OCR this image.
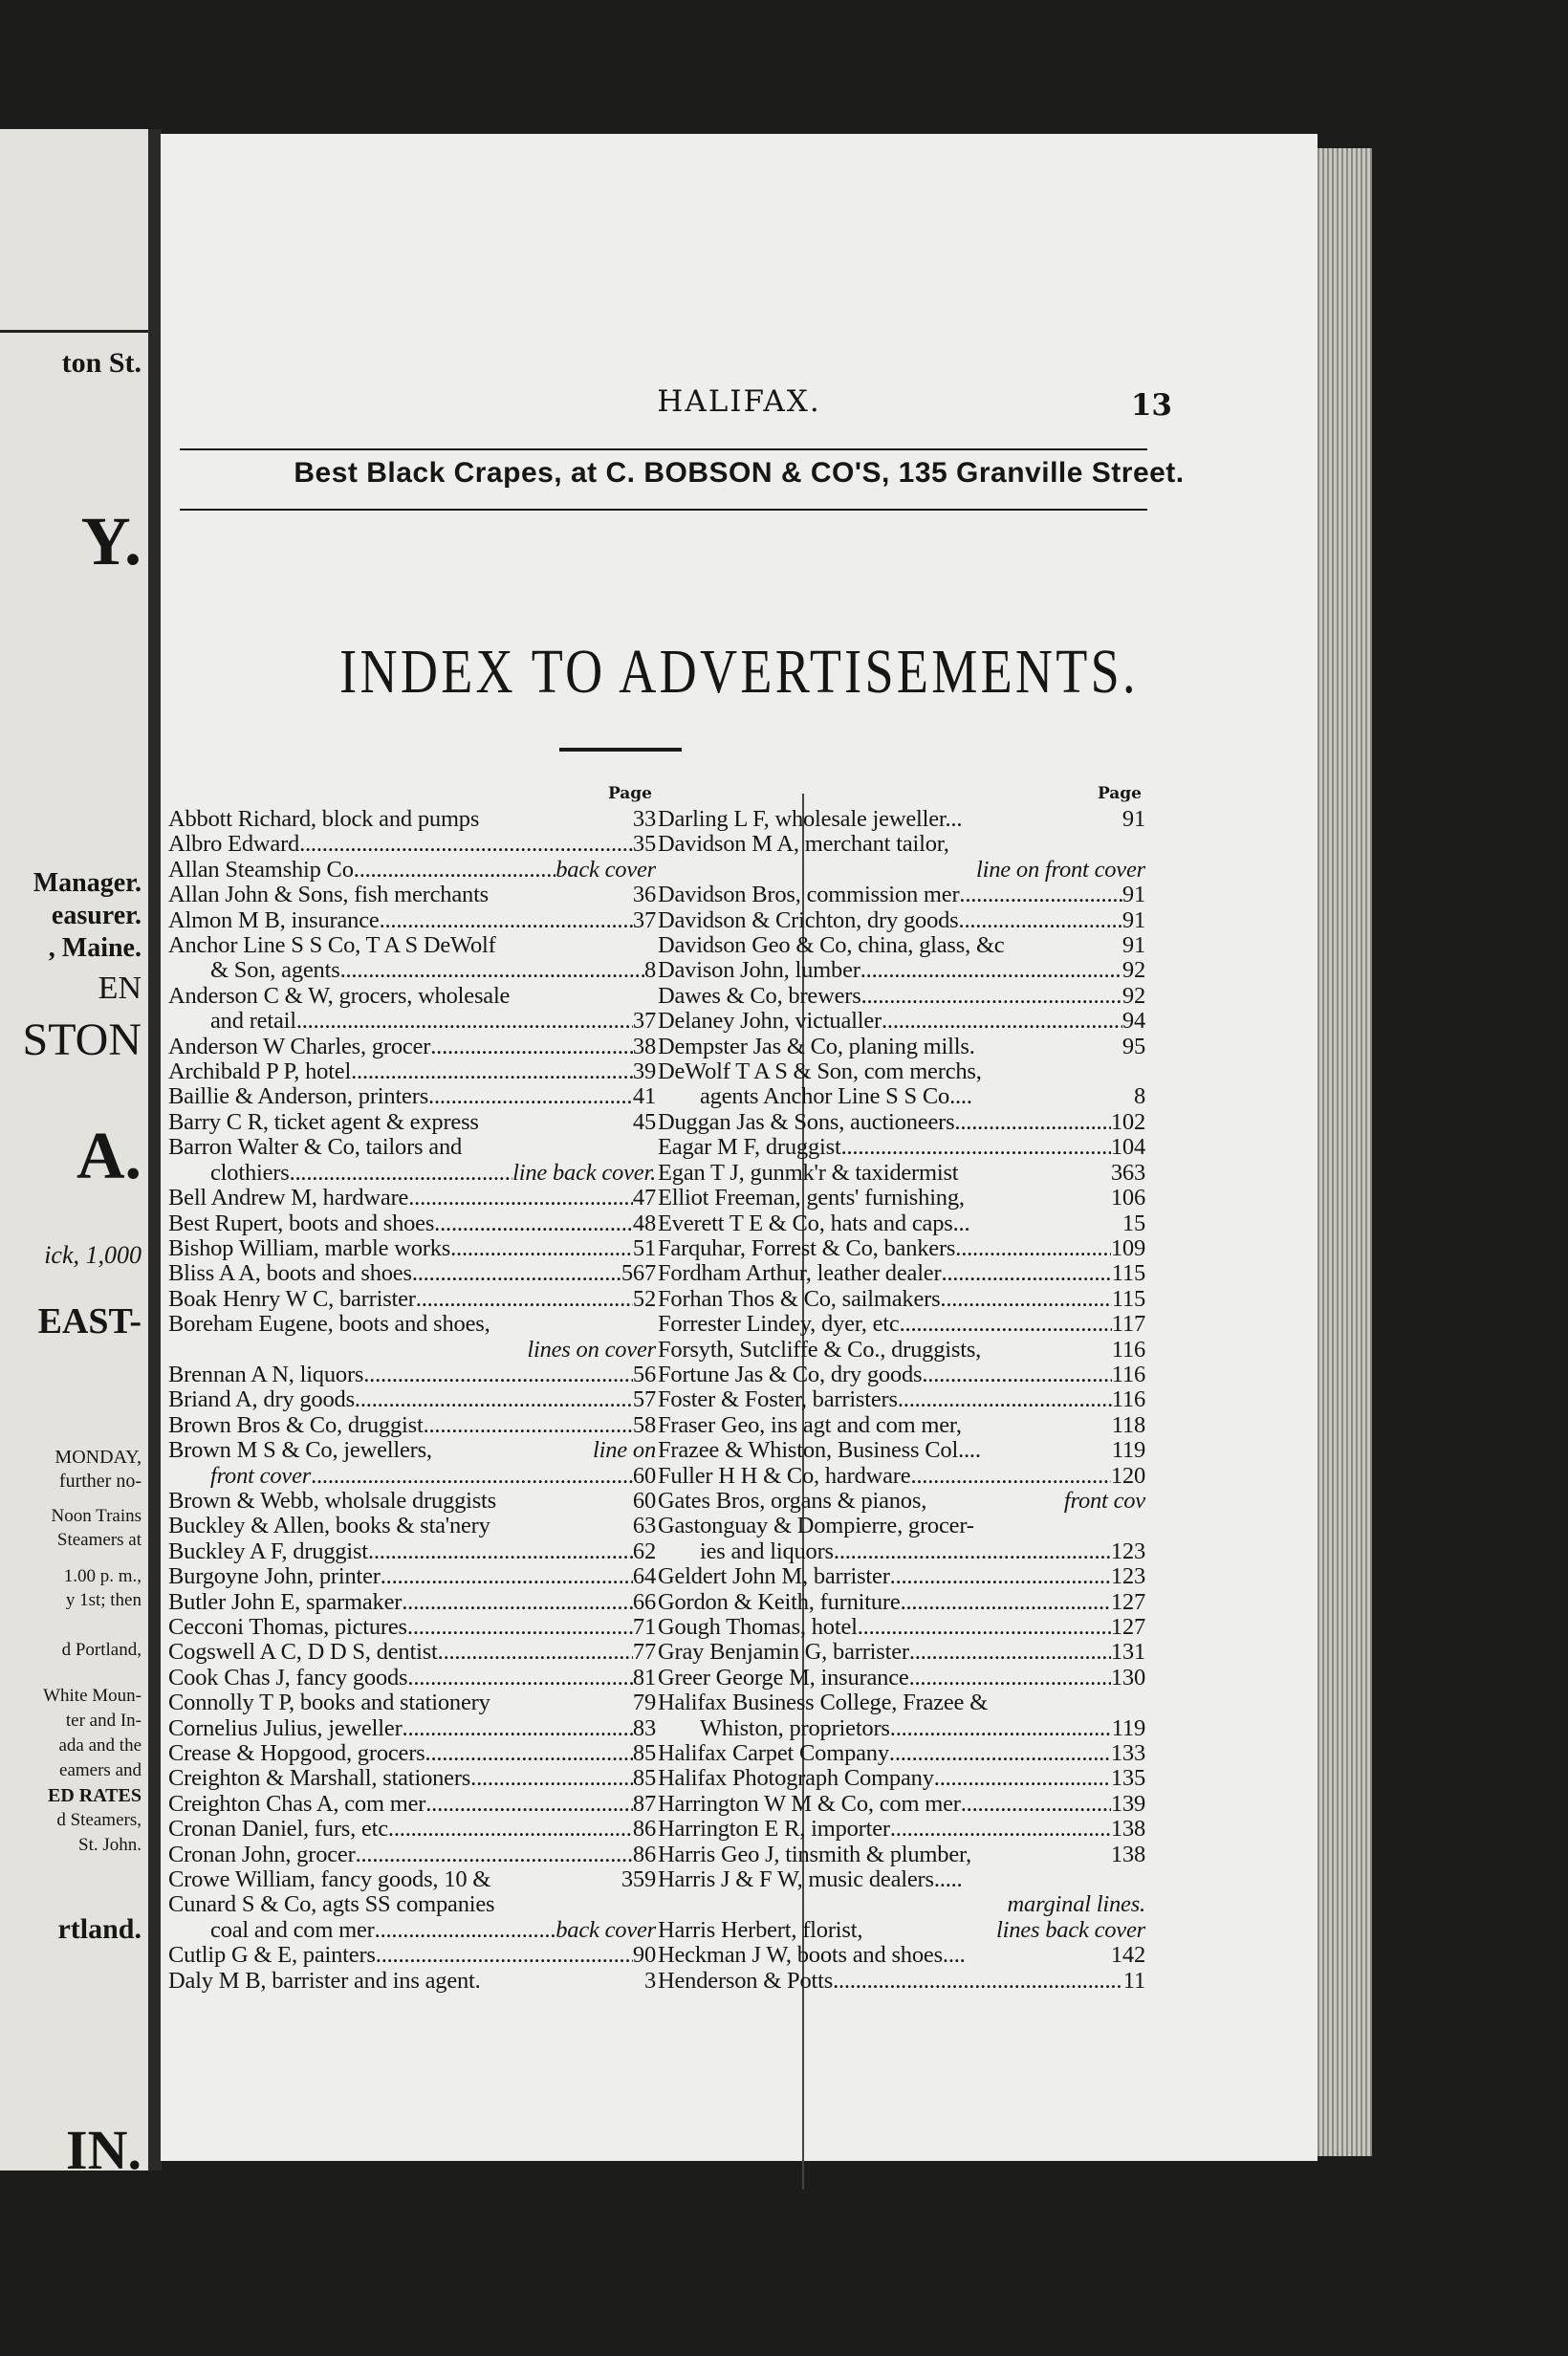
ton St.
Y.
Manager.
easurer.
, Maine.
EN
STON
A.
ick, 1,000
EAST-
MONDAY,
further no-
Noon Trains
Steamers at
1.00 p. m.,
y 1st; then
d Portland,
White Moun-
ter and In-
ada and the
eamers and
ED RATES
d Steamers,
St. John.
rtland.
IN.
HALIFAX.	13
Best Black Crapes, at C. BOBSON & CO'S, 135 Granville Street.
INDEX TO ADVERTISEMENTS.
Page
Abbott Richard, block and pumps	33
Albro Edward .....	35
Allan Steamship Co .....	back cover
Allan John & Sons, fish merchants	36
Almon M B, insurance .....	37
Anchor Line S S Co, T A S DeWolf
& Son, agents .....	8
Anderson C & W, grocers, wholesale
and retail .....	37
Anderson W Charles, grocer .....	38
Archibald P P, hotel .....	39
Baillie & Anderson, printers .....	41
Barry C R, ticket agent & express	45
Barron Walter & Co, tailors and
clothiers .....	line back cover.
Bell Andrew M, hardware .....	47
Best Rupert, boots and shoes .....	48
Bishop William, marble works .....	51
Bliss A A, boots and shoes .....	567
Boak Henry W C, barrister .....	52
Boreham Eugene, boots and shoes,
lines on cover
Brennan A N, liquors .....	56
Briand A, dry goods .....	57
Brown Bros & Co, druggist .....	58
Brown M S & Co, jewellers,	line on
front cover .....	60
Brown & Webb, wholsale druggists	60
Buckley & Allen, books & sta'nery	63
Buckley A F, druggist .....	62
Burgoyne John, printer .....	64
Butler John E, sparmaker .....	66
Cecconi Thomas, pictures .....	71
Cogswell A C, D D S, dentist .....	77
Cook Chas J, fancy goods .....	81
Connolly T P, books and stationery	79
Cornelius Julius, jeweller .....	83
Crease & Hopgood, grocers .....	85
Creighton & Marshall, stationers .....	85
Creighton Chas A, com mer .....	87
Cronan Daniel, furs, etc .....	86
Cronan John, grocer .....	86
Crowe William, fancy goods, 10 &	359
Cunard S & Co, agts SS companies
coal and com mer .....	back cover
Cutlip G & E, painters .....	90
Daly M B, barrister and ins agent.	3
Page
Darling L F, wholesale jeweller...	91
Davidson M A, merchant tailor,
line on front cover
Davidson Bros, commission mer .....	91
Davidson & Crichton, dry goods .....	91
Davidson Geo & Co, china, glass, &c	91
Davison John, lumber .....	92
Dawes & Co, brewers .....	92
Delaney John, victualler .....	94
Dempster Jas & Co, planing mills.	95
DeWolf T A S & Son, com merchs,
agents Anchor Line S S Co....	8
Duggan Jas & Sons, auctioneers .....	102
Eagar M F, druggist .....	104
Egan T J, gunmk'r & taxidermist	363
Elliot Freeman, gents' furnishing,	106
Everett T E & Co, hats and caps...	15
Farquhar, Forrest & Co, bankers .....	109
Fordham Arthur, leather dealer .....	115
Forhan Thos & Co, sailmakers .....	115
Forrester Lindey, dyer, etc .....	117
Forsyth, Sutcliffe & Co., druggists,	116
Fortune Jas & Co, dry goods .....	116
Foster & Foster, barristers .....	116
Fraser Geo, ins agt and com mer,	118
Frazee & Whiston, Business Col....	119
Fuller H H & Co, hardware .....	120
Gates Bros, organs & pianos,	front cov
Gastonguay & Dompierre, grocer-
ies and liquors .....	123
Geldert John M, barrister .....	123
Gordon & Keith, furniture .....	127
Gough Thomas, hotel .....	127
Gray Benjamin G, barrister .....	131
Greer George M, insurance .....	130
Halifax Business College, Frazee &
Whiston, proprietors .....	119
Halifax Carpet Company .....	133
Halifax Photograph Company .....	135
Harrington W M & Co, com mer .....	139
Harrington E R, importer .....	138
Harris Geo J, tinsmith & plumber,	138
Harris J & F W, music dealers.....
marginal lines.
Harris Herbert, florist,	lines back cover
Heckman J W, boots and shoes....	142
Henderson & Potts .....	11
